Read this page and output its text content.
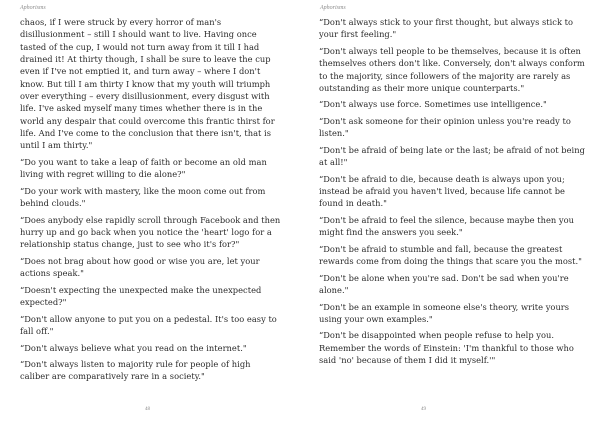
Aphorisms

chaos, if I were struck by every horror of man's disillusionment – still I should want to live. Having once tasted of the cup, I would not turn away from it till I had drained it! At thirty though, I shall be sure to leave the cup even if I've not emptied it, and turn away – where I don't know. But till I am thirty I know that my youth will triumph over everything – every disillusionment, every disgust with life. I've asked myself many times whether there is in the world any despair that could overcome this frantic thirst for life. And I've come to the conclusion that there isn't, that is until I am thirty."

“Do you want to take a leap of faith or become an old man living with regret willing to die alone?"

“Do your work with mastery, like the moon come out from behind clouds."

“Does anybody else rapidly scroll through Facebook and then hurry up and go back when you notice the 'heart' logo for a relationship status change, just to see who it's for?"

“Does not brag about how good or wise you are, let your actions speak."

“Doesn't expecting the unexpected make the unexpected expected?"

“Don't allow anyone to put you on a pedestal. It's too easy to fall off."

“Don't always believe what you read on the internet."

“Don't always listen to majority rule for people of high caliber are comparatively rare in a society."

48
Aphorisms

“Don't always stick to your first thought, but always stick to your first feeling."

“Don't always tell people to be themselves, because it is often themselves others don't like. Conversely, don't always conform to the majority, since followers of the majority are rarely as outstanding as their more unique counterparts."

“Don't always use force. Sometimes use intelligence."

“Don't ask someone for their opinion unless you're ready to listen."

“Don't be afraid of being late or the last; be afraid of not being at all!"

“Don't be afraid to die, because death is always upon you; instead be afraid you haven't lived, because life cannot be found in death."

“Don't be afraid to feel the silence, because maybe then you might find the answers you seek."

“Don't be afraid to stumble and fall, because the greatest rewards come from doing the things that scare you the most."

“Don't be alone when you're sad. Don't be sad when you're alone."

“Don't be an example in someone else's theory, write yours using your own examples."

“Don't be disappointed when people refuse to help you. Remember the words of Einstein: 'I'm thankful to those who said 'no' because of them I did it myself.'"

49
